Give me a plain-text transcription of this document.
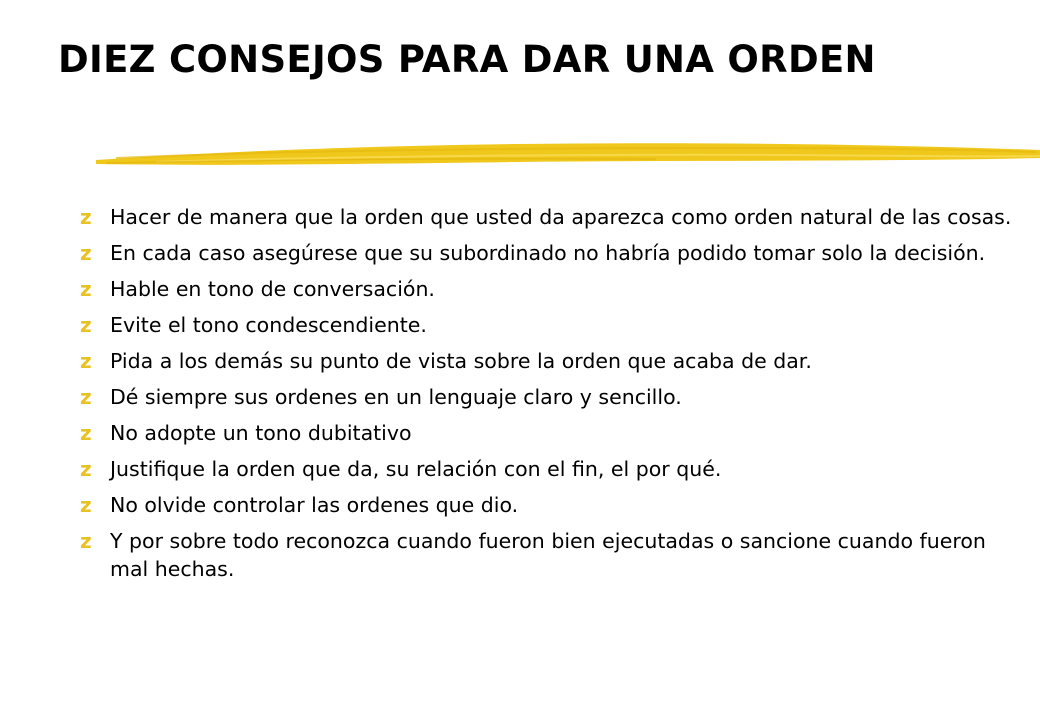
DIEZ CONSEJOS PARA DAR UNA ORDEN
z Hacer de manera que la orden que usted da aparezca como orden natural de las cosas.
z En cada caso asegúrese que su subordinado no habría podido tomar solo la decisión.
z Hable en tono de conversación.
z Evite el tono condescendiente.
z Pida a los demás su punto de vista sobre la orden que acaba de dar.
z Dé siempre sus ordenes en un lenguaje claro y sencillo.
z No adopte un tono dubitativo
z Justifique la orden que da, su relación con el fin, el por qué.
z No olvide controlar las ordenes que dio.
z Y por sobre todo reconozca cuando fueron bien ejecutadas o sancione cuando fueron mal hechas.
